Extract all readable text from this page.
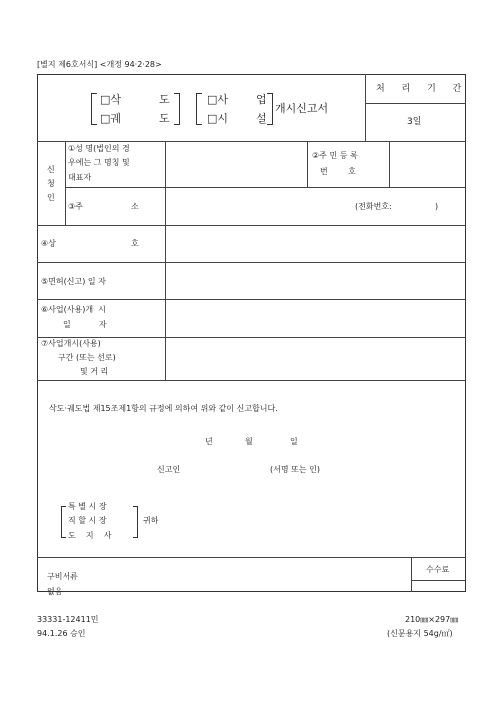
[별지 제6호서식] <개정 94·2·28>
□삭	도
□궤	도
□사	업
□시	설
개시신고서
처 리 기 간
3일
신
청
인
①성 명(법인의 경
우에는 그 명칭 및
대표자
②주 민 등 록
번        호
③주	소	(전화번호:                 )
④상	호
⑤면허(신고) 일 자
⑥사업(사용)개  시
일           자
⑦사업개시(사용)
구간 (또는 선로)
및 거 리
삭도·궤도법 제15조제1항의 규정에 의하여 위와 같이 신고합니다.
년	월	일
신고인	(서명 또는 인)
특 별 시 장
직 할 시 장
도    지    사
귀하
구비서류
없음
수수료
33331-12411민
94.1.26 승인
210㎜×297㎜
(신문용지 54g/㎡)
